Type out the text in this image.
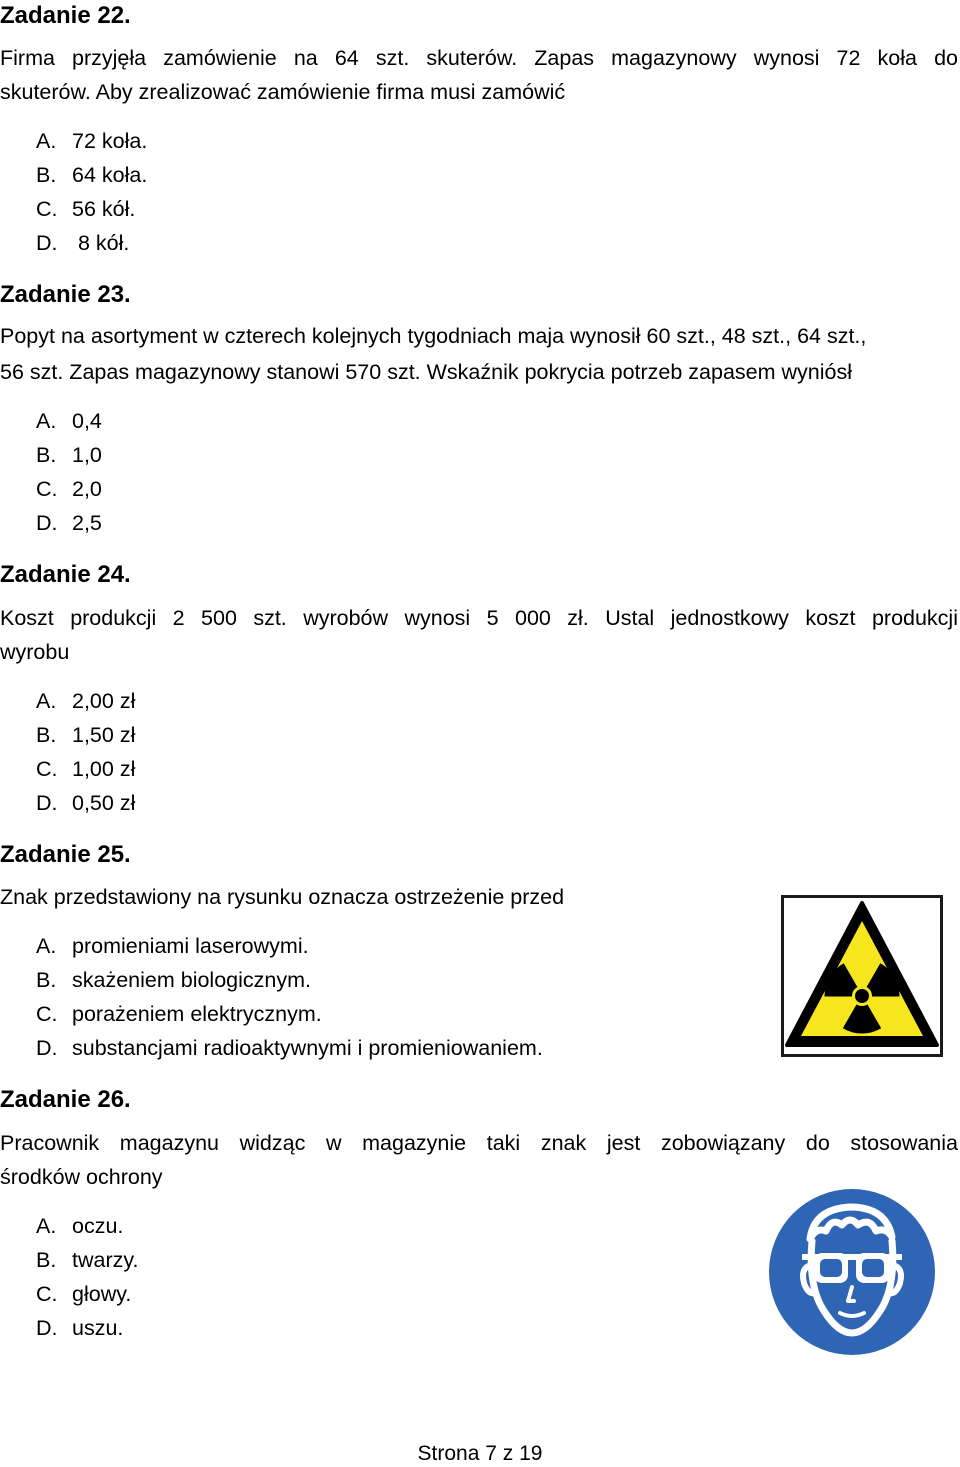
Zadanie 22.
Firma przyjęła zamówienie na 64 szt. skuterów. Zapas magazynowy wynosi 72 koła do
skuterów. Aby zrealizować zamówienie firma musi zamówić
A. 72 koła.
B. 64 koła.
C. 56 kół.
D. 8 kół.
Zadanie 23.
Popyt na asortyment w czterech kolejnych tygodniach maja wynosił 60 szt., 48 szt., 64 szt.,
56 szt. Zapas magazynowy stanowi 570 szt. Wskaźnik pokrycia potrzeb zapasem wyniósł
A. 0,4
B. 1,0
C. 2,0
D. 2,5
Zadanie 24.
Koszt produkcji 2 500 szt. wyrobów wynosi 5 000 zł. Ustal jednostkowy koszt produkcji
wyrobu
A. 2,00 zł
B. 1,50 zł
C. 1,00 zł
D. 0,50 zł
Zadanie 25.
Znak przedstawiony na rysunku oznacza ostrzeżenie przed
A. promieniami laserowymi.
B. skażeniem biologicznym.
C. porażeniem elektrycznym.
D. substancjami radioaktywnymi i promieniowaniem.
Zadanie 26.
Pracownik magazynu widząc w magazynie taki znak jest zobowiązany do stosowania
środków ochrony
A. oczu.
B. twarzy.
C. głowy.
D. uszu.
Strona 7 z 19
